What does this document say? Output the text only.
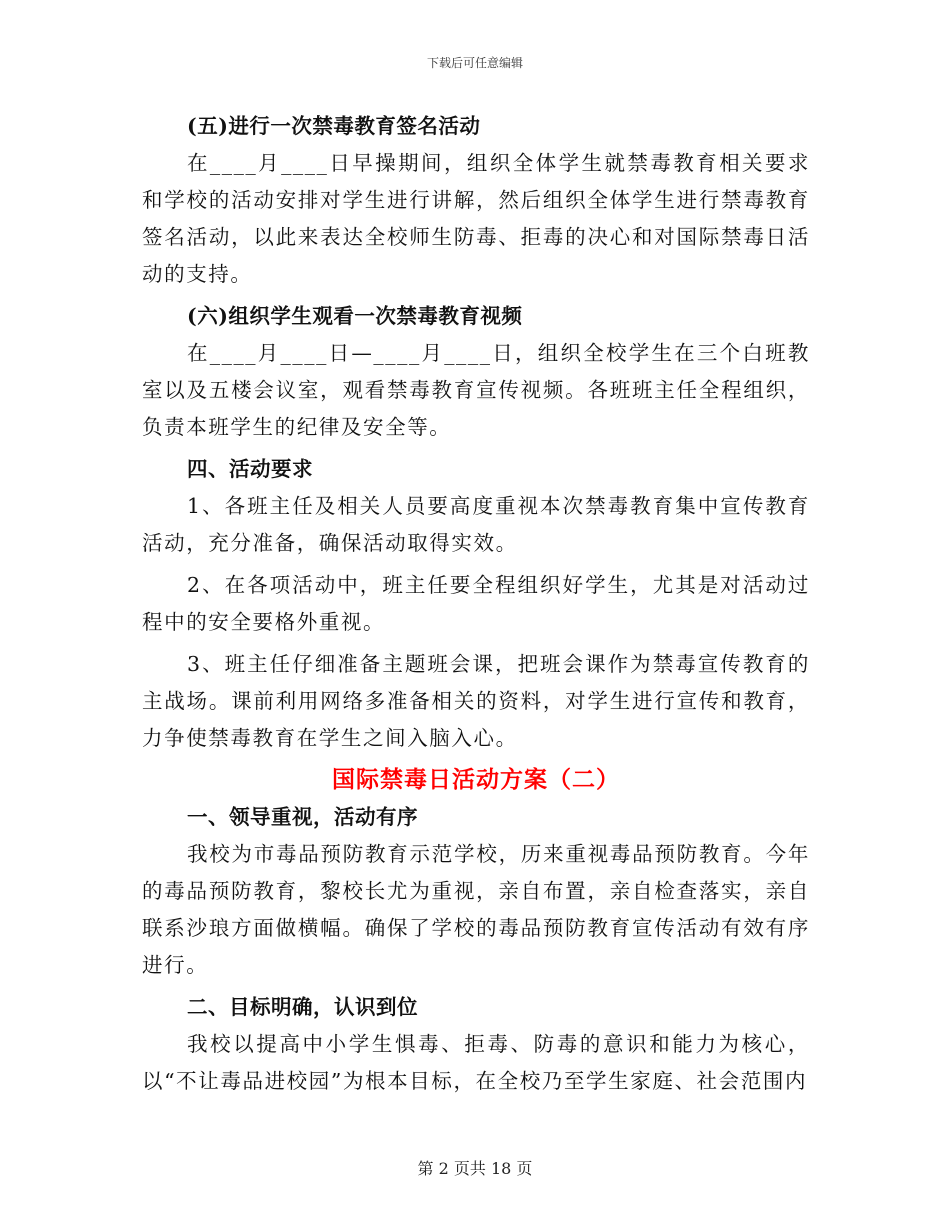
下载后可任意编辑
(五)进行一次禁毒教育签名活动
在____月____日早操期间，组织全体学生就禁毒教育相关要求和学校的活动安排对学生进行讲解，然后组织全体学生进行禁毒教育签名活动，以此来表达全校师生防毒、拒毒的决心和对国际禁毒日活动的支持。
(六)组织学生观看一次禁毒教育视频
在____月____日—____月____日，组织全校学生在三个白班教室以及五楼会议室，观看禁毒教育宣传视频。各班班主任全程组织，负责本班学生的纪律及安全等。
四、活动要求
1、各班主任及相关人员要高度重视本次禁毒教育集中宣传教育活动，充分准备，确保活动取得实效。
2、在各项活动中，班主任要全程组织好学生，尤其是对活动过程中的安全要格外重视。
3、班主任仔细准备主题班会课，把班会课作为禁毒宣传教育的主战场。课前利用网络多准备相关的资料，对学生进行宣传和教育，力争使禁毒教育在学生之间入脑入心。
国际禁毒日活动方案（二）
一、领导重视，活动有序
我校为市毒品预防教育示范学校，历来重视毒品预防教育。今年的毒品预防教育，黎校长尤为重视，亲自布置，亲自检查落实，亲自联系沙琅方面做横幅。确保了学校的毒品预防教育宣传活动有效有序进行。
二、目标明确，认识到位
我校以提高中小学生惧毒、拒毒、防毒的意识和能力为核心，以“不让毒品进校园”为根本目标，在全校乃至学生家庭、社会范围内
第 2 页共 18 页
